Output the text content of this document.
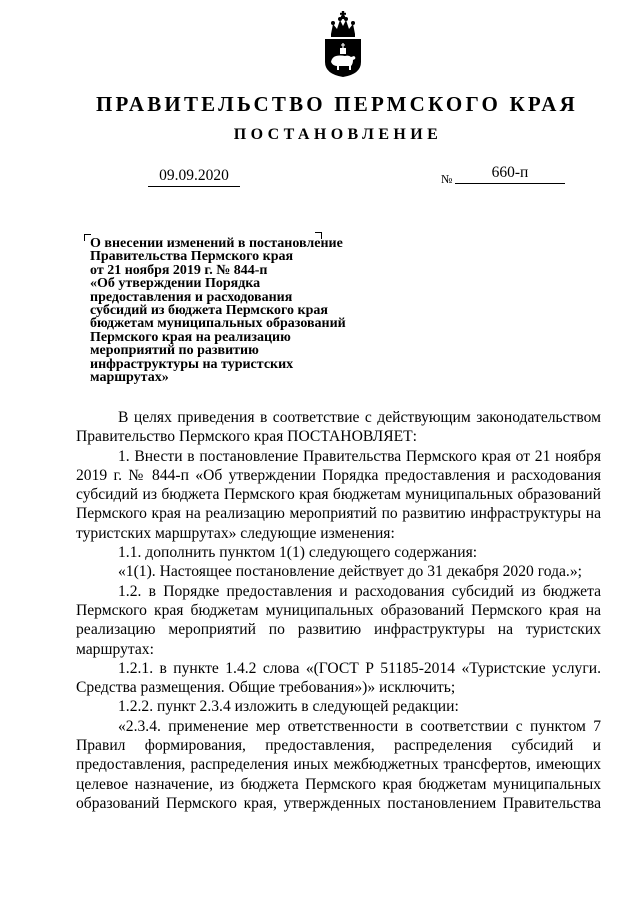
ПРАВИТЕЛЬСТВО ПЕРМСКОГО КРАЯ
ПОСТАНОВЛЕНИЕ
09.09.2020	№	660-п
О внесении изменений в постановление
Правительства Пермского края
от 21 ноября 2019 г. № 844-п
«Об утверждении Порядка
предоставления и расходования
субсидий из бюджета Пермского края
бюджетам муниципальных образований
Пермского края на реализацию
мероприятий по развитию
инфраструктуры на туристских
маршрутах»

В целях приведения в соответствие с действующим законодательством Правительство Пермского края ПОСТАНОВЛЯЕТ:

1. Внести в постановление Правительства Пермского края от 21 ноября 2019 г. № 844-п «Об утверждении Порядка предоставления и расходования субсидий из бюджета Пермского края бюджетам муниципальных образований Пермского края на реализацию мероприятий по развитию инфраструктуры на туристских маршрутах» следующие изменения:

1.1. дополнить пунктом 1(1) следующего содержания:

«1(1). Настоящее постановление действует до 31 декабря 2020 года.»;

1.2. в Порядке предоставления и расходования субсидий из бюджета Пермского края бюджетам муниципальных образований Пермского края на реализацию мероприятий по развитию инфраструктуры на туристских маршрутах:

1.2.1. в пункте 1.4.2 слова «(ГОСТ Р 51185-2014 «Туристские услуги. Средства размещения. Общие требования»)» исключить;

1.2.2. пункт 2.3.4 изложить в следующей редакции:

«2.3.4. применение мер ответственности в соответствии с пунктом 7 Правил формирования, предоставления, распределения субсидий и предоставления, распределения иных межбюджетных трансфертов, имеющих целевое назначение, из бюджета Пермского края бюджетам муниципальных образований Пермского края, утвержденных постановлением Правительства
